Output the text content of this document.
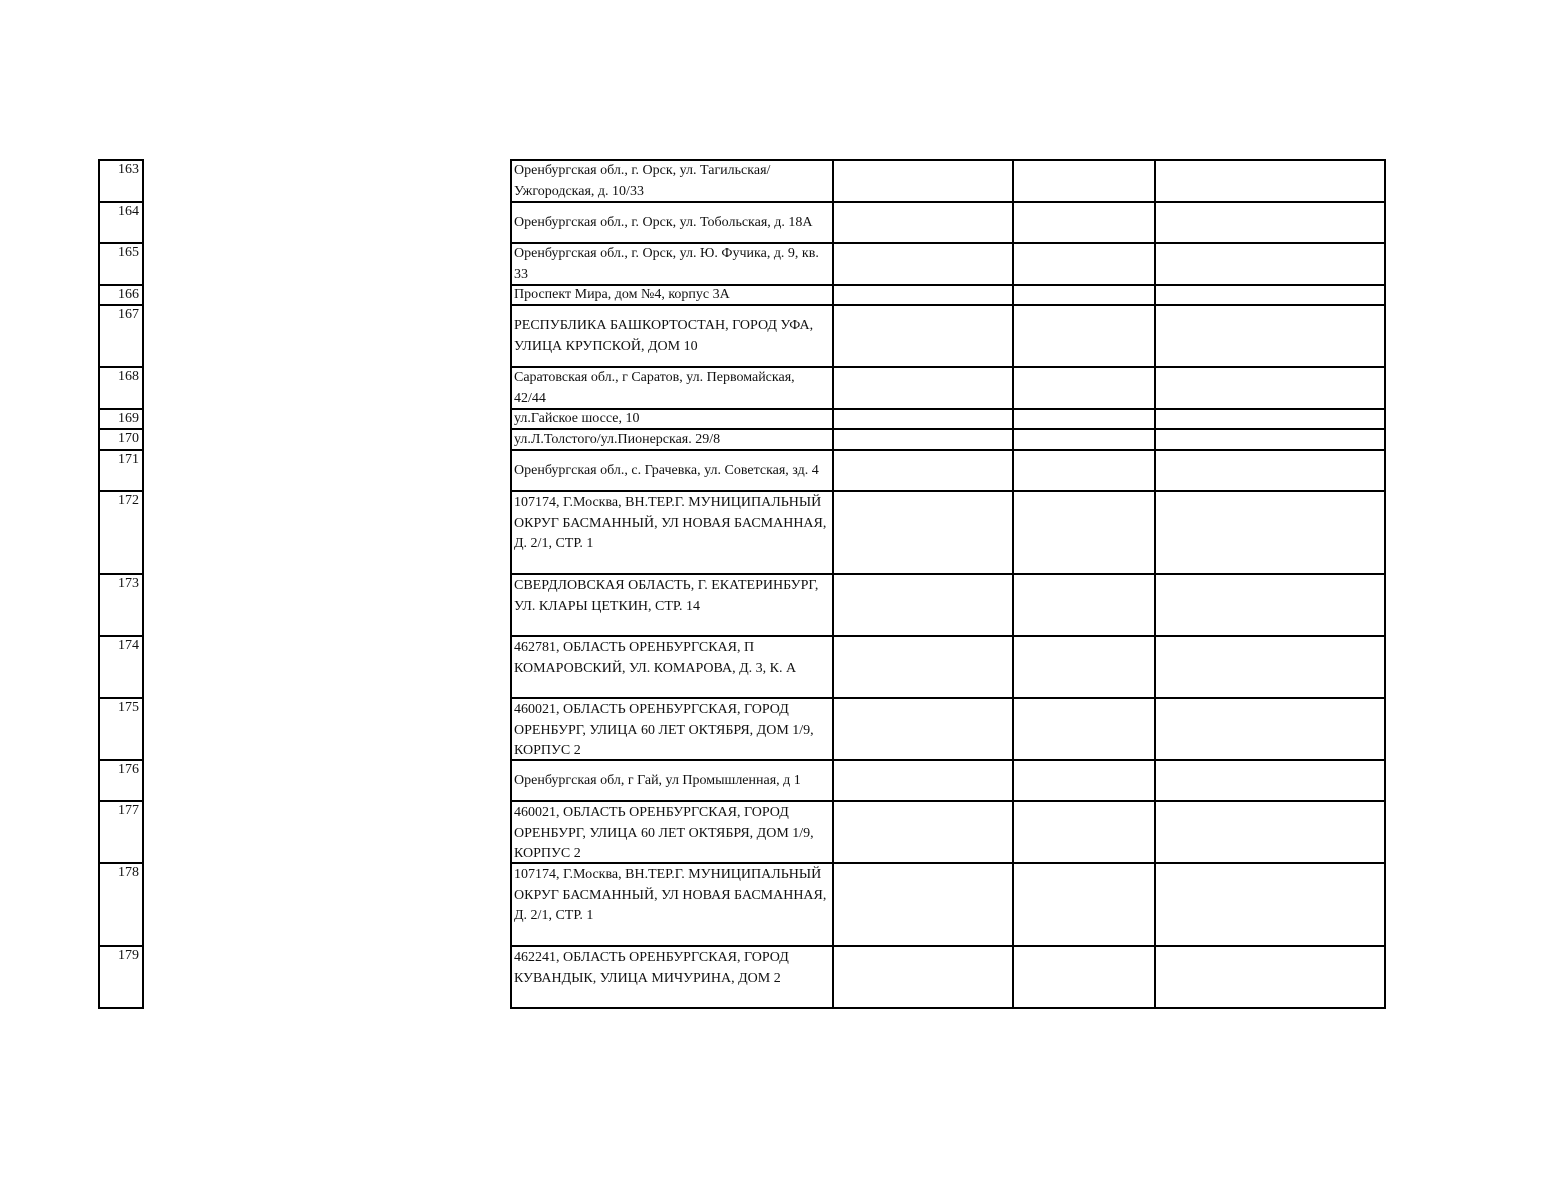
163
164
165
166
167
168
169
170
171
172
173
174
175
176
177
178
179
Оренбургская обл., г. Орск, ул. Тагильская/Ужгородская, д. 10/33
Оренбургская обл., г. Орск, ул. Тобольская, д. 18А
Оренбургская обл., г. Орск, ул. Ю. Фучика, д. 9, кв. 33
Проспект Мира, дом №4, корпус 3А
РЕСПУБЛИКА БАШКОРТОСТАН, ГОРОД УФА, УЛИЦА КРУПСКОЙ, ДОМ 10
Саратовская обл., г Саратов, ул. Первомайская, 42/44
ул.Гайское шоссе, 10
ул.Л.Толстого/ул.Пионерская. 29/8
Оренбургская обл., с. Грачевка, ул. Советская, зд. 4
107174, Г.Москва, ВН.ТЕР.Г. МУНИЦИПАЛЬНЫЙ ОКРУГ БАСМАННЫЙ, УЛ НОВАЯ БАСМАННАЯ, Д. 2/1, СТР. 1
СВЕРДЛОВСКАЯ ОБЛАСТЬ, Г. ЕКАТЕРИНБУРГ, УЛ. КЛАРЫ ЦЕТКИН, СТР. 14
462781, ОБЛАСТЬ ОРЕНБУРГСКАЯ, П КОМАРОВСКИЙ, УЛ. КОМАРОВА, Д. 3, К. А
460021, ОБЛАСТЬ ОРЕНБУРГСКАЯ, ГОРОД ОРЕНБУРГ, УЛИЦА 60 ЛЕТ ОКТЯБРЯ, ДОМ 1/9, КОРПУС 2
Оренбургская обл, г Гай, ул Промышленная, д 1
460021, ОБЛАСТЬ ОРЕНБУРГСКАЯ, ГОРОД ОРЕНБУРГ, УЛИЦА 60 ЛЕТ ОКТЯБРЯ, ДОМ 1/9, КОРПУС 2
107174, Г.Москва, ВН.ТЕР.Г. МУНИЦИПАЛЬНЫЙ ОКРУГ БАСМАННЫЙ, УЛ НОВАЯ БАСМАННАЯ, Д. 2/1, СТР. 1
462241, ОБЛАСТЬ ОРЕНБУРГСКАЯ, ГОРОД КУВАНДЫК, УЛИЦА МИЧУРИНА, ДОМ 2
